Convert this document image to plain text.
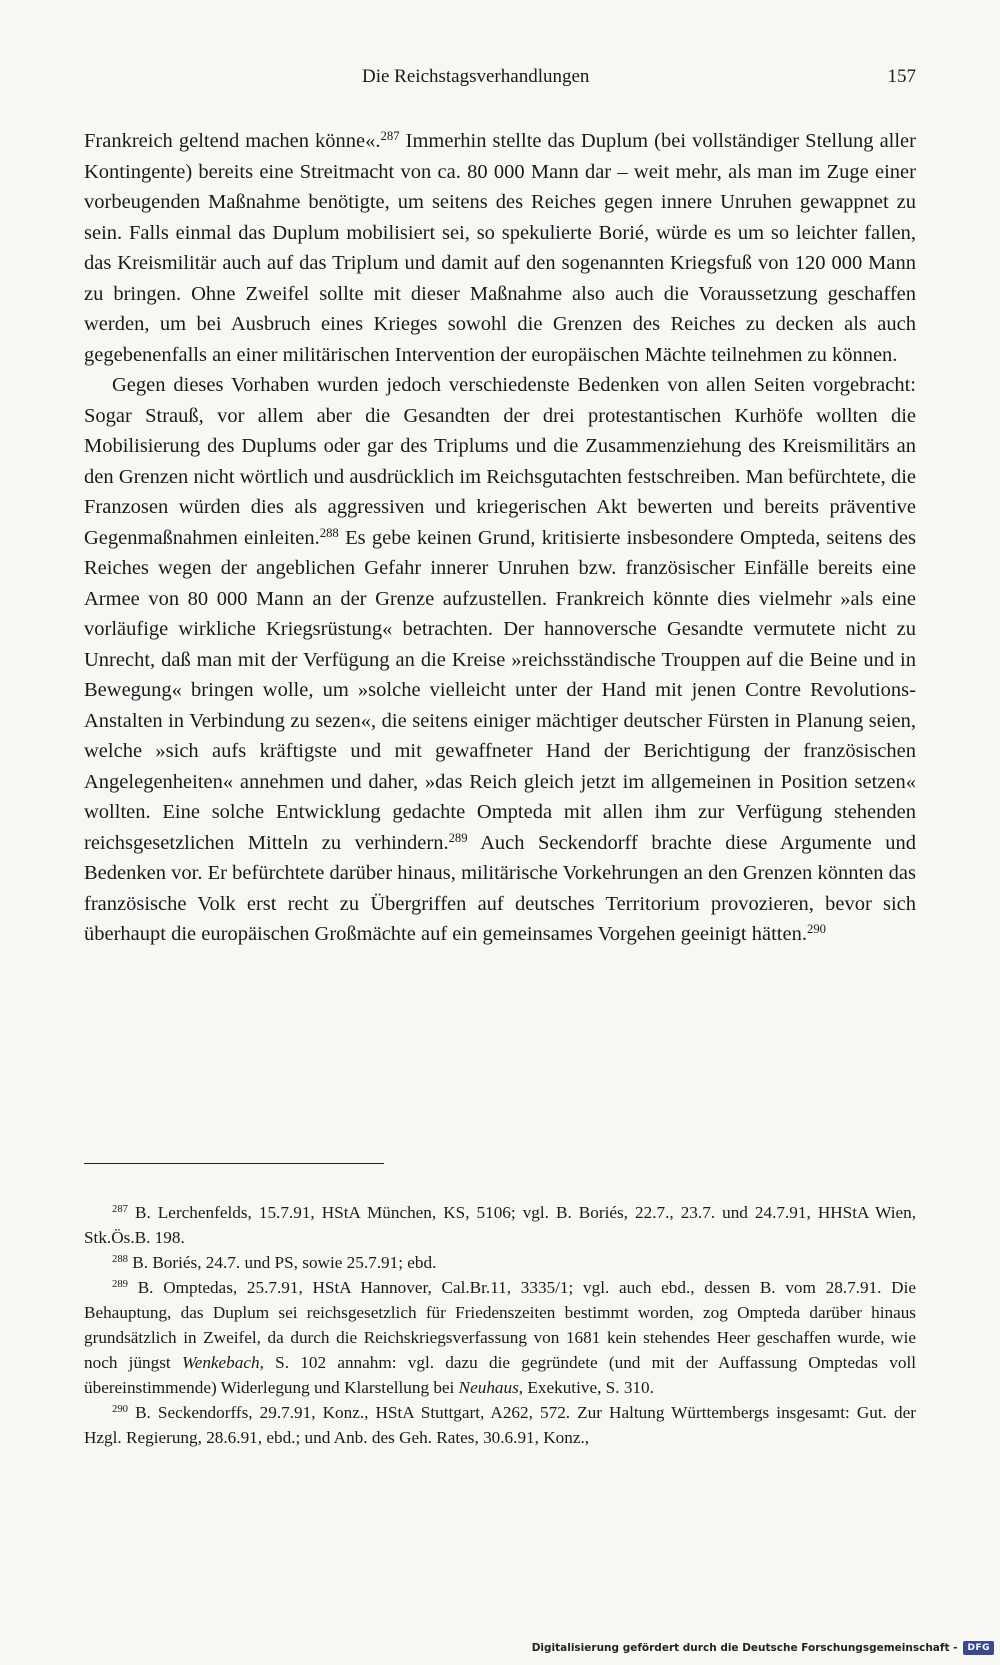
Die Reichstagsverhandlungen	157

Frankreich geltend machen könne«.$^{287}$ Immerhin stellte das Duplum (bei vollständiger Stellung aller Kontingente) bereits eine Streitmacht von ca. 80 000 Mann dar – weit mehr, als man im Zuge einer vorbeugenden Maßnahme benötigte, um seitens des Reiches gegen innere Unruhen gewappnet zu sein. Falls einmal das Duplum mobilisiert sei, so spekulierte Borié, würde es um so leichter fallen, das Kreismilitär auch auf das Triplum und damit auf den sogenannten Kriegsfuß von 120 000 Mann zu bringen. Ohne Zweifel sollte mit dieser Maßnahme also auch die Voraussetzung geschaffen werden, um bei Ausbruch eines Krieges sowohl die Grenzen des Reiches zu decken als auch gegebenenfalls an einer militärischen Intervention der europäischen Mächte teilnehmen zu können.

Gegen dieses Vorhaben wurden jedoch verschiedenste Bedenken von allen Seiten vorgebracht: Sogar Strauß, vor allem aber die Gesandten der drei protestantischen Kurhöfe wollten die Mobilisierung des Duplums oder gar des Triplums und die Zusammenziehung des Kreismilitärs an den Grenzen nicht wörtlich und ausdrücklich im Reichsgutachten festschreiben. Man befürchtete, die Franzosen würden dies als aggressiven und kriegerischen Akt bewerten und bereits präventive Gegenmaßnahmen einleiten.$^{288}$ Es gebe keinen Grund, kritisierte insbesondere Ompteda, seitens des Reiches wegen der angeblichen Gefahr innerer Unruhen bzw. französischer Einfälle bereits eine Armee von 80 000 Mann an der Grenze aufzustellen. Frankreich könnte dies vielmehr »als eine vorläufige wirkliche Kriegsrüstung« betrachten. Der hannoversche Gesandte vermutete nicht zu Unrecht, daß man mit der Verfügung an die Kreise »reichsständische Trouppen auf die Beine und in Bewegung« bringen wolle, um »solche vielleicht unter der Hand mit jenen Contre Revolutions-Anstalten in Verbindung zu sezen«, die seitens einiger mächtiger deutscher Fürsten in Planung seien, welche »sich aufs kräftigste und mit gewaffneter Hand der Berichtigung der französischen Angelegenheiten« annehmen und daher, »das Reich gleich jetzt im allgemeinen in Position setzen« wollten. Eine solche Entwicklung gedachte Ompteda mit allen ihm zur Verfügung stehenden reichsgesetzlichen Mitteln zu verhindern.$^{289}$ Auch Seckendorff brachte diese Argumente und Bedenken vor. Er befürchtete darüber hinaus, militärische Vorkehrungen an den Grenzen könnten das französische Volk erst recht zu Übergriffen auf deutsches Territorium provozieren, bevor sich überhaupt die europäischen Großmächte auf ein gemeinsames Vorgehen geeinigt hätten.$^{290}$

$^{287}$ B. Lerchenfelds, 15.7.91, HStA München, KS, 5106; vgl. B. Boriés, 22.7., 23.7. und 24.7.91, HHStA Wien, Stk.Ös.B. 198.

$^{288}$ B. Boriés, 24.7. und PS, sowie 25.7.91; ebd.

$^{289}$ B. Omptedas, 25.7.91, HStA Hannover, Cal.Br.11, 3335/1; vgl. auch ebd., dessen B. vom 28.7.91. Die Behauptung, das Duplum sei reichsgesetzlich für Friedenszeiten bestimmt worden, zog Ompteda darüber hinaus grundsätzlich in Zweifel, da durch die Reichskriegsverfassung von 1681 kein stehendes Heer geschaffen wurde, wie noch jüngst Wenkebach, S. 102 annahm: vgl. dazu die gegründete (und mit der Auffassung Omptedas voll übereinstimmende) Widerlegung und Klarstellung bei Neuhaus, Exekutive, S. 310.

$^{290}$ B. Seckendorffs, 29.7.91, Konz., HStA Stuttgart, A262, 572. Zur Haltung Württembergs insgesamt: Gut. der Hzgl. Regierung, 28.6.91, ebd.; und Anb. des Geh. Rates, 30.6.91, Konz.,

Digitalisierung gefördert durch die Deutsche Forschungsgemeinschaft -	DFG
